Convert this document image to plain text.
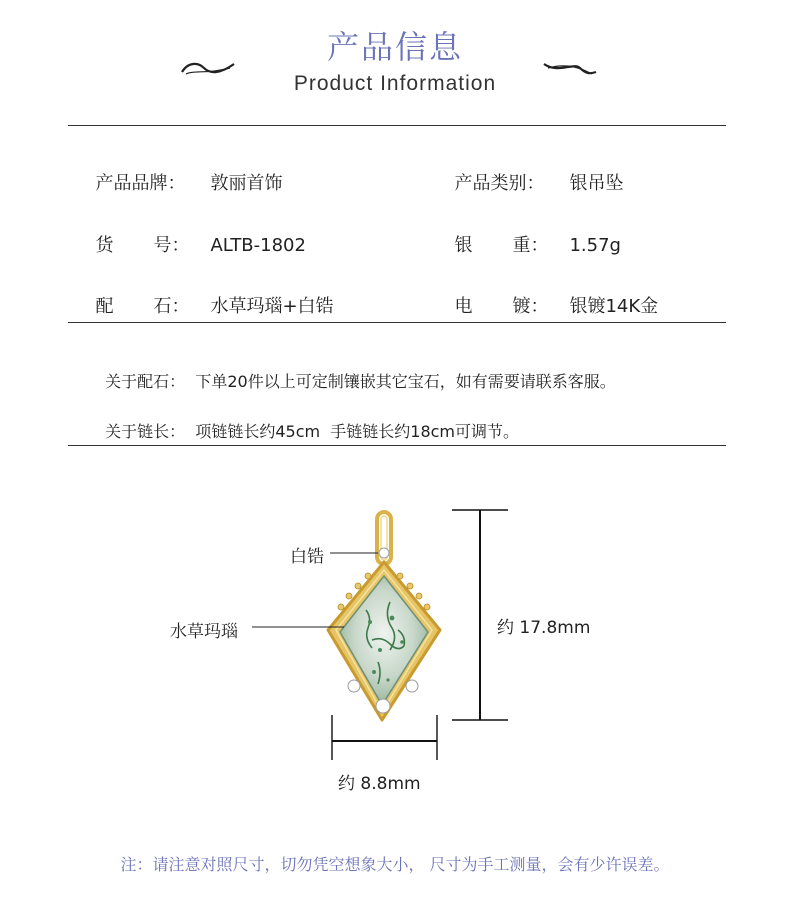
产品信息
Product Information

产品品牌： 敦丽首饰	产品类别： 银吊坠

货       号： ALTB-1802	银       重： 1.57g

配       石： 水草玛瑙+白锆	电       镀： 银镀14K金

关于配石： 下单20件以上可定制镶嵌其它宝石，如有需要请联系客服。

关于链长： 项链链长约45cm  手链链长约18cm可调节。

白锆
水草玛瑙	约 17.8mm
约 8.8mm
注：请注意对照尺寸，切勿凭空想象大小， 尺寸为手工测量，会有少许误差。
